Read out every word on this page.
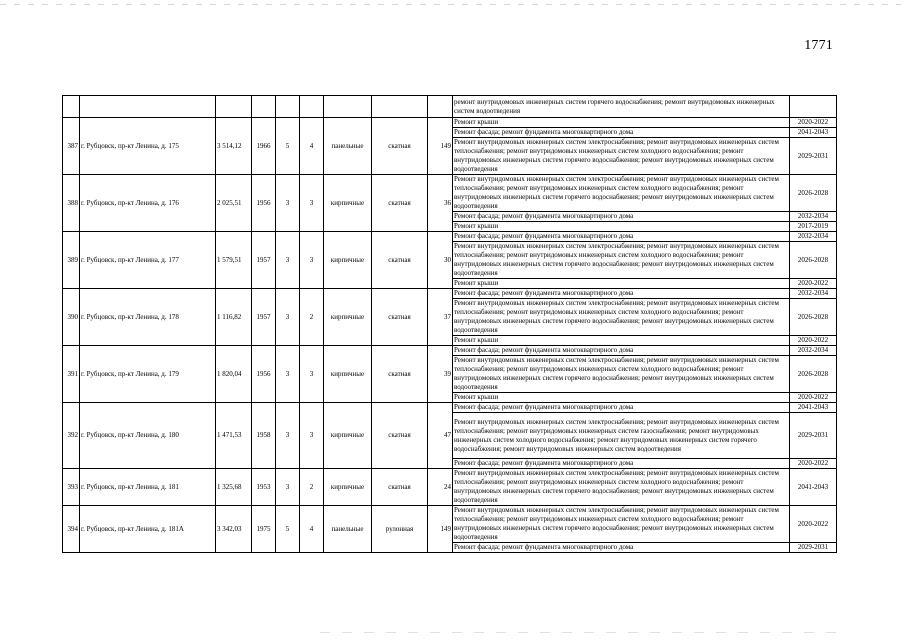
1771
									ремонт внутридомовых инженерных систем горячего водоснабжения; ремонт внутридомовых инженерных систем водоотведения	
387	г. Рубцовск, пр-кт Ленина, д. 175	3 514,12	1966	5	4	панельные	скатная	149	Ремонт крыши	2020-2022
									Ремонт фасада; ремонт фундамента многоквартирного дома	2041-2043
									Ремонт внутридомовых инженерных систем электроснабжения; ремонт внутридомовых инженерных систем теплоснабжения; ремонт внутридомовых инженерных систем холодного водоснабжения; ремонт внутридомовых инженерных систем горячего водоснабжения; ремонт внутридомовых инженерных систем водоотведения	2029-2031
388	г. Рубцовск, пр-кт Ленина, д. 176	2 025,51	1956	3	3	кирпичные	скатная	36	Ремонт внутридомовых инженерных систем электроснабжения; ремонт внутридомовых инженерных систем теплоснабжения; ремонт внутридомовых инженерных систем холодного водоснабжения; ремонт внутридомовых инженерных систем горячего водоснабжения; ремонт внутридомовых инженерных систем водоотведения	2026-2028
									Ремонт фасада; ремонт фундамента многоквартирного дома	2032-2034
									Ремонт крыши	2017-2019
389	г. Рубцовск, пр-кт Ленина, д. 177	1 579,51	1957	3	3	кирпичные	скатная	30	Ремонт фасада; ремонт фундамента многоквартирного дома	2032-2034
									Ремонт внутридомовых инженерных систем электроснабжения; ремонт внутридомовых инженерных систем теплоснабжения; ремонт внутридомовых инженерных систем холодного водоснабжения; ремонт внутридомовых инженерных систем горячего водоснабжения; ремонт внутридомовых инженерных систем водоотведения	2026-2028
									Ремонт крыши	2020-2022
390	г. Рубцовск, пр-кт Ленина, д. 178	1 116,82	1957	3	2	кирпичные	скатная	37	Ремонт фасада; ремонт фундамента многоквартирного дома	2032-2034
									Ремонт внутридомовых инженерных систем электроснабжения; ремонт внутридомовых инженерных систем теплоснабжения; ремонт внутридомовых инженерных систем холодного водоснабжения; ремонт внутридомовых инженерных систем горячего водоснабжения; ремонт внутридомовых инженерных систем водоотведения	2026-2028
									Ремонт крыши	2020-2022
391	г. Рубцовск, пр-кт Ленина, д. 179	1 820,04	1956	3	3	кирпичные	скатная	39	Ремонт фасада; ремонт фундамента многоквартирного дома	2032-2034
									Ремонт внутридомовых инженерных систем электроснабжения; ремонт внутридомовых инженерных систем теплоснабжения; ремонт внутридомовых инженерных систем холодного водоснабжения; ремонт внутридомовых инженерных систем горячего водоснабжения; ремонт внутридомовых инженерных систем водоотведения	2026-2028
									Ремонт крыши	2020-2022
392	г. Рубцовск, пр-кт Ленина, д. 180	1 471,53	1958	3	3	кирпичные	скатная	47	Ремонт фасада; ремонт фундамента многоквартирного дома	2041-2043
									Ремонт внутридомовых инженерных систем электроснабжения; ремонт внутридомовых инженерных систем теплоснабжения; ремонт внутридомовых инженерных систем газоснабжения; ремонт внутридомовых инженерных систем холодного водоснабжения; ремонт внутридомовых инженерных систем горячего водоснабжения; ремонт внутридомовых инженерных систем водоотведения	2029-2031
									Ремонт фасада; ремонт фундамента многоквартирного дома	2020-2022
393	г. Рубцовск, пр-кт Ленина, д. 181	1 325,68	1953	3	2	кирпичные	скатная	24	Ремонт внутридомовых инженерных систем электроснабжения; ремонт внутридомовых инженерных систем теплоснабжения; ремонт внутридомовых инженерных систем холодного водоснабжения; ремонт внутридомовых инженерных систем горячего водоснабжения; ремонт внутридомовых инженерных систем водоотведения	2041-2043
394	г. Рубцовск, пр-кт Ленина, д. 181А	3 342,03	1975	5	4	панельные	рулонная	149	Ремонт внутридомовых инженерных систем электроснабжения; ремонт внутридомовых инженерных систем теплоснабжения; ремонт внутридомовых инженерных систем холодного водоснабжения; ремонт внутридомовых инженерных систем горячего водоснабжения; ремонт внутридомовых инженерных систем водоотведения	2020-2022
									Ремонт фасада; ремонт фундамента многоквартирного дома	2029-2031
